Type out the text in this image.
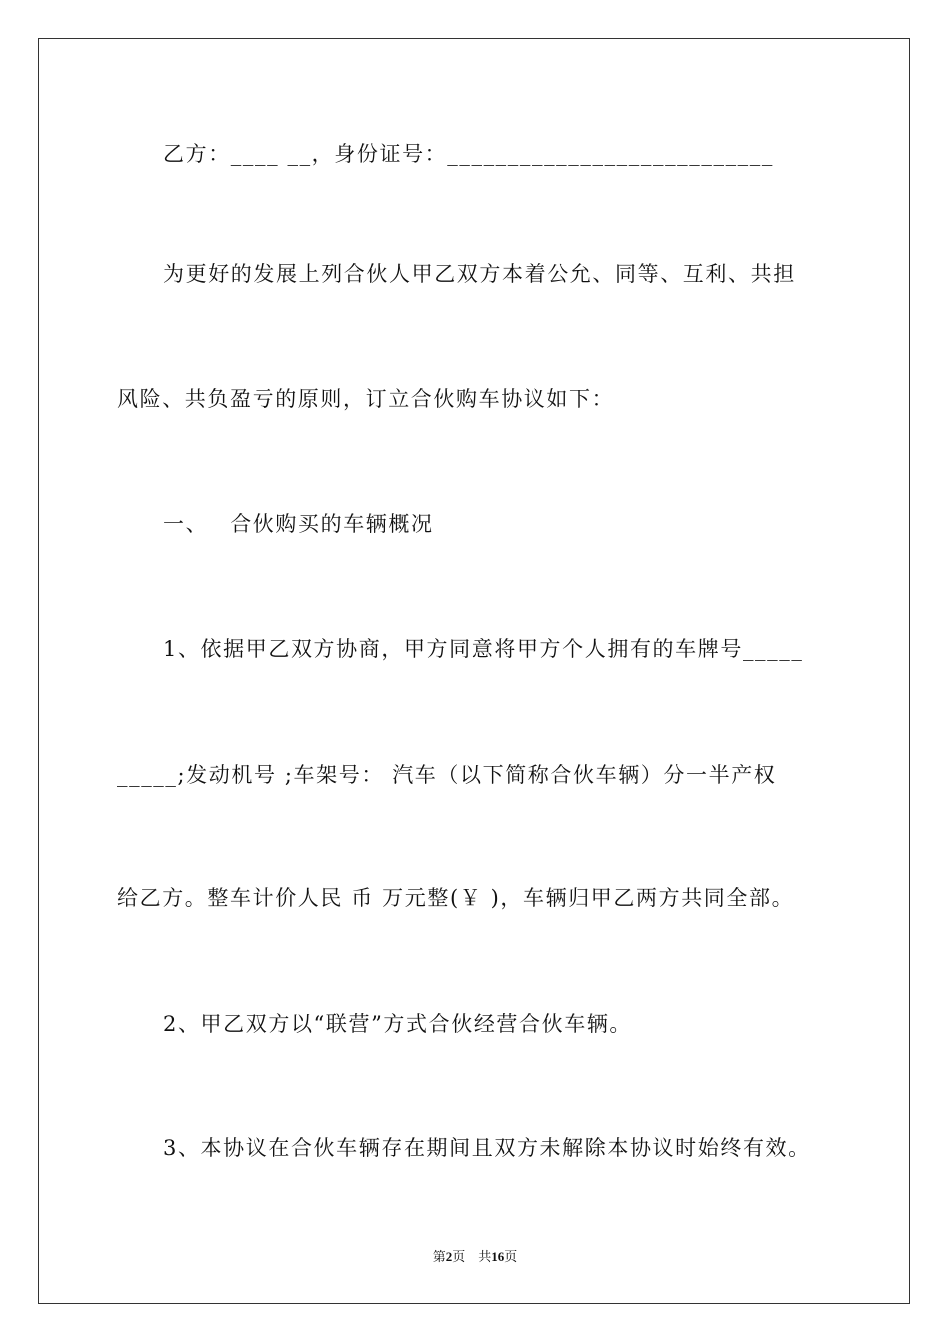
乙方：____ __，身份证号：___________________________
为更好的发展上列合伙人甲乙双方本着公允、同等、互利、共担
风险、共负盈亏的原则，订立合伙购车协议如下：
一、 合伙购买的车辆概况
1、依据甲乙双方协商，甲方同意将甲方个人拥有的车牌号_____
_____;发动机号 ;车架号： 汽车（以下简称合伙车辆）分一半产权
给乙方。整车计价人民 币 万元整(￥ )，车辆归甲乙两方共同全部。
2、甲乙双方以“联营”方式合伙经营合伙车辆。
3、本协议在合伙车辆存在期间且双方未解除本协议时始终有效。
第2页　共16页
